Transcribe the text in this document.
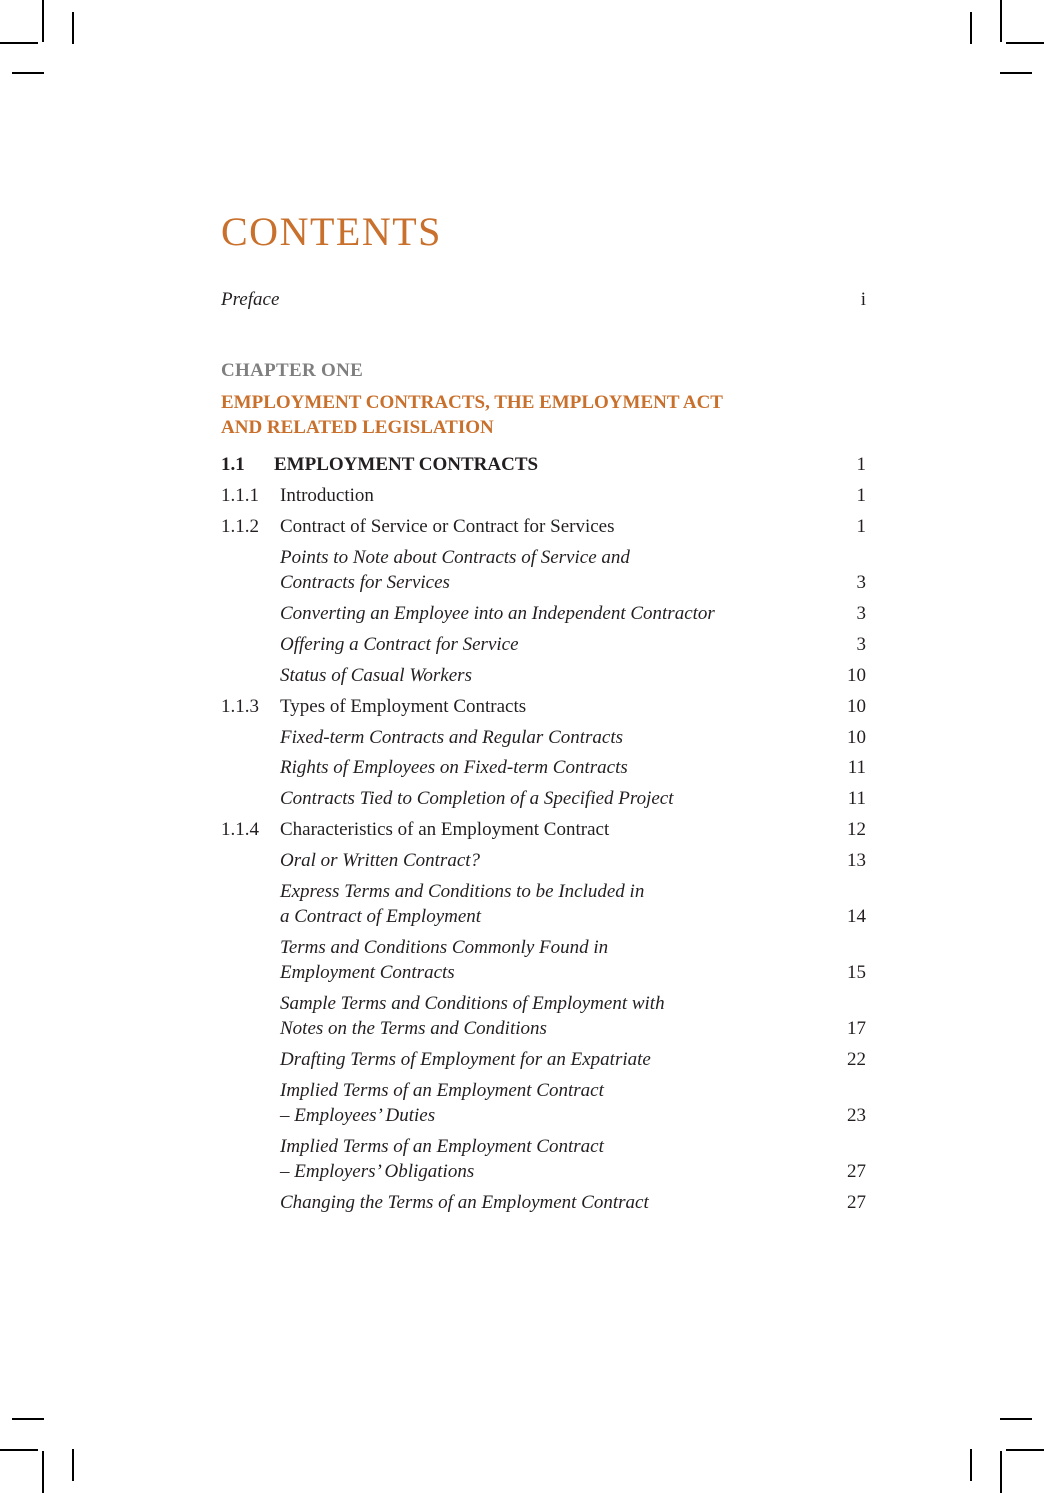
CONTENTS
Preface	i
CHAPTER ONE
EMPLOYMENT CONTRACTS, THE EMPLOYMENT ACT
AND RELATED LEGISLATION
1.1 EMPLOYMENT CONTRACTS	1
1.1.1 Introduction	1
1.1.2 Contract of Service or Contract for Services	1
Points to Note about Contracts of Service and
Contracts for Services	3
Converting an Employee into an Independent Contractor	3
Offering a Contract for Service	3
Status of Casual Workers	10
1.1.3 Types of Employment Contracts	10
Fixed-term Contracts and Regular Contracts	10
Rights of Employees on Fixed-term Contracts	11
Contracts Tied to Completion of a Specified Project	11
1.1.4 Characteristics of an Employment Contract	12
Oral or Written Contract?	13
Express Terms and Conditions to be Included in
a Contract of Employment	14
Terms and Conditions Commonly Found in
Employment Contracts	15
Sample Terms and Conditions of Employment with
Notes on the Terms and Conditions	17
Drafting Terms of Employment for an Expatriate	22
Implied Terms of an Employment Contract
– Employees’ Duties	23
Implied Terms of an Employment Contract
– Employers’ Obligations	27
Changing the Terms of an Employment Contract	27
